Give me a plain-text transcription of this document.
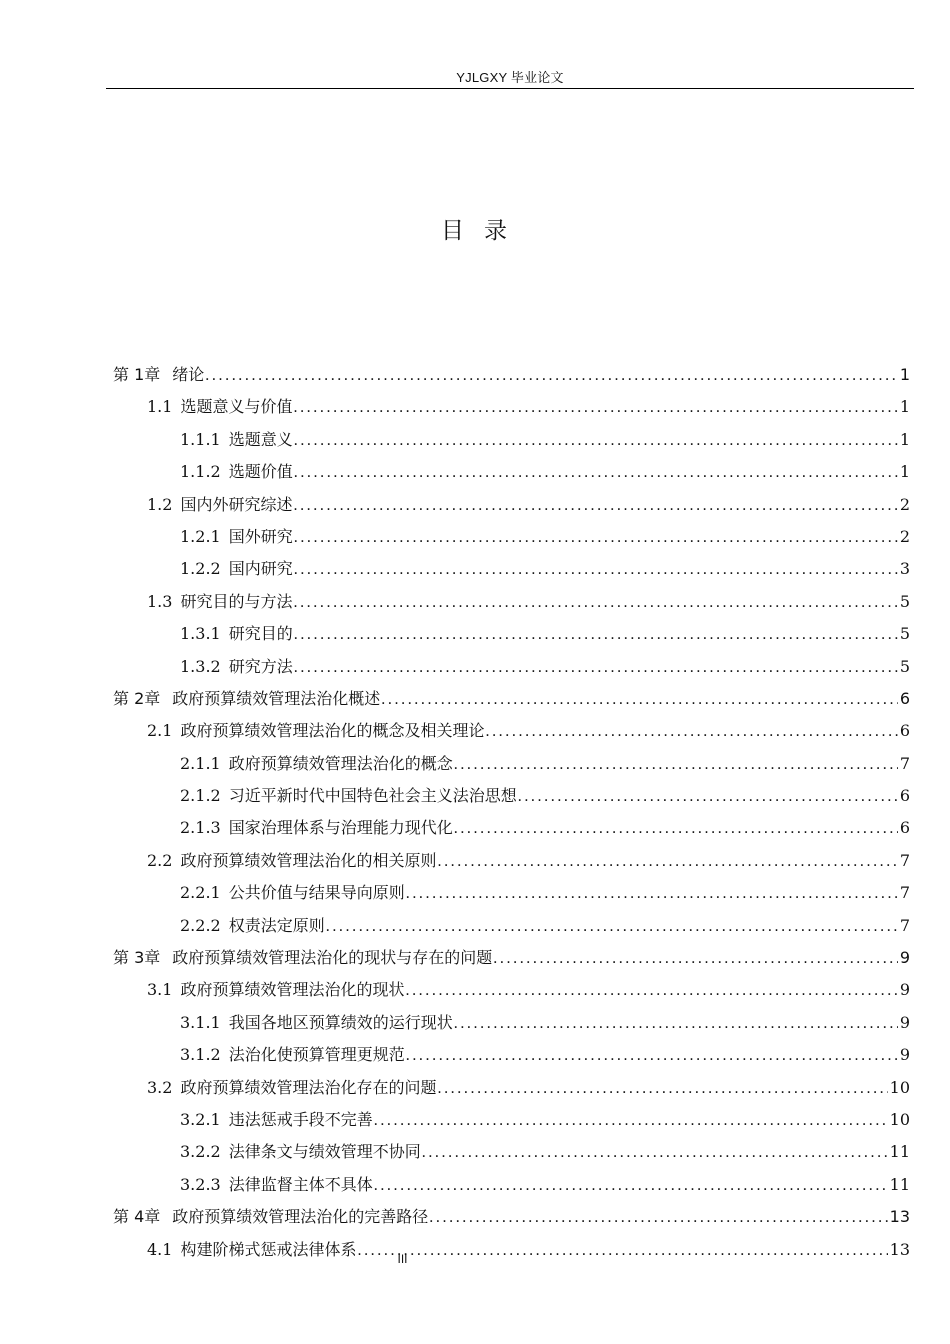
YJLGXY 毕业论文
目录
第 1章 绪论 .....	1
1.1 选题意义与价值 .....	1
1.1.1 选题意义 .....	1
1.1.2 选题价值 .....	1
1.2 国内外研究综述 .....	2
1.2.1 国外研究 .....	2
1.2.2 国内研究 .....	3
1.3 研究目的与方法 .....	5
1.3.1 研究目的 .....	5
1.3.2 研究方法 .....	5
第 2章 政府预算绩效管理法治化概述 .....	6
2.1 政府预算绩效管理法治化的概念及相关理论 .....	6
2.1.1 政府预算绩效管理法治化的概念 .....	7
2.1.2 习近平新时代中国特色社会主义法治思想 .....	6
2.1.3 国家治理体系与治理能力现代化 .....	6
2.2 政府预算绩效管理法治化的相关原则 .....	7
2.2.1 公共价值与结果导向原则 .....	7
2.2.2 权责法定原则 .....	7
第 3章 政府预算绩效管理法治化的现状与存在的问题 .....	9
3.1 政府预算绩效管理法治化的现状 .....	9
3.1.1 我国各地区预算绩效的运行现状 .....	9
3.1.2 法治化使预算管理更规范 .....	9
3.2 政府预算绩效管理法治化存在的问题 .....	10
3.2.1 违法惩戒手段不完善 .....	10
3.2.2 法律条文与绩效管理不协同 .....	11
3.2.3 法律监督主体不具体 .....	11
第 4章 政府预算绩效管理法治化的完善路径 .....	13
4.1 构建阶梯式惩戒法律体系 .....	13
III
